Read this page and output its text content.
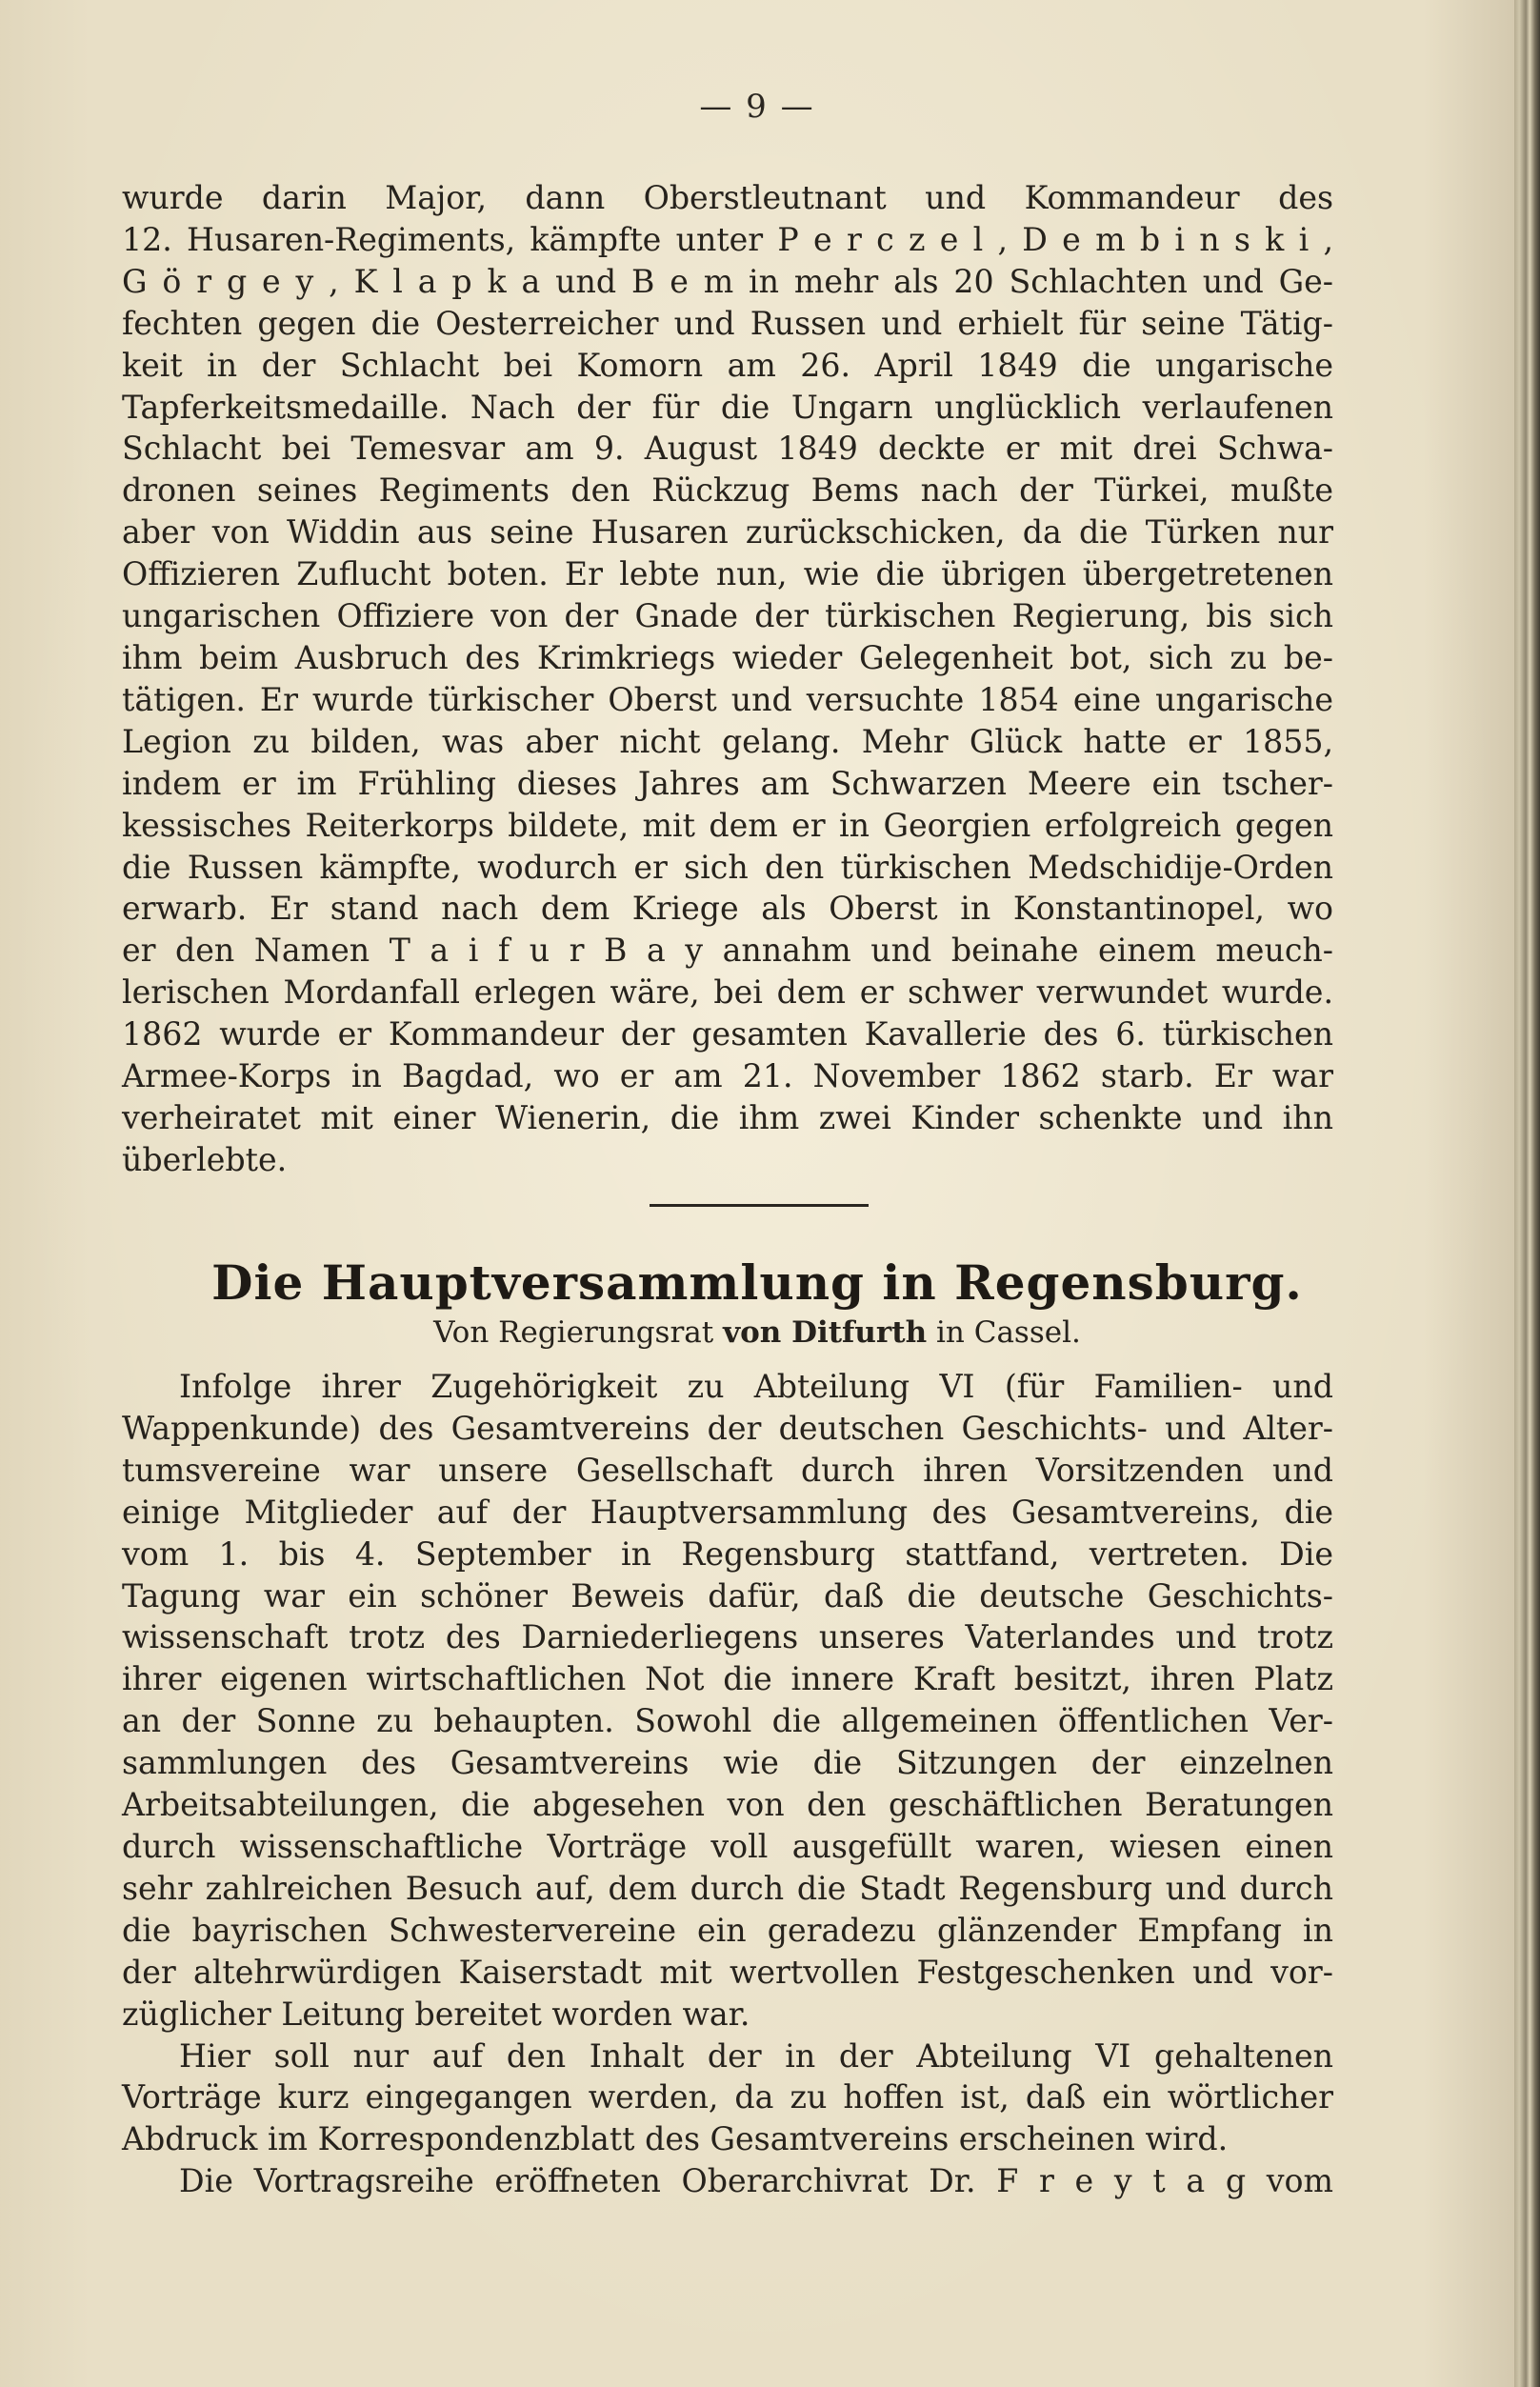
— 9 —
wurde darin Major, dann Oberstleutnant und Kommandeur des
12. Husaren-Regiments, kämpfte unter P e r c z e l , D e m b i n s k i ,
G ö r g e y , K l a p k a und B e m in mehr als 20 Schlachten und Ge-
fechten gegen die Oesterreicher und Russen und erhielt für seine Tätig-
keit in der Schlacht bei Komorn am 26. April 1849 die ungarische
Tapferkeitsmedaille. Nach der für die Ungarn unglücklich verlaufenen
Schlacht bei Temesvar am 9. August 1849 deckte er mit drei Schwa-
dronen seines Regiments den Rückzug Bems nach der Türkei, mußte
aber von Widdin aus seine Husaren zurückschicken, da die Türken nur
Offizieren Zuflucht boten. Er lebte nun, wie die übrigen übergetretenen
ungarischen Offiziere von der Gnade der türkischen Regierung, bis sich
ihm beim Ausbruch des Krimkriegs wieder Gelegenheit bot, sich zu be-
tätigen. Er wurde türkischer Oberst und versuchte 1854 eine ungarische
Legion zu bilden, was aber nicht gelang. Mehr Glück hatte er 1855,
indem er im Frühling dieses Jahres am Schwarzen Meere ein tscher-
kessisches Reiterkorps bildete, mit dem er in Georgien erfolgreich gegen
die Russen kämpfte, wodurch er sich den türkischen Medschidije-Orden
erwarb. Er stand nach dem Kriege als Oberst in Konstantinopel, wo
er den Namen T a i f u r B a y annahm und beinahe einem meuch-
lerischen Mordanfall erlegen wäre, bei dem er schwer verwundet wurde.
1862 wurde er Kommandeur der gesamten Kavallerie des 6. türkischen
Armee-Korps in Bagdad, wo er am 21. November 1862 starb. Er war
verheiratet mit einer Wienerin, die ihm zwei Kinder schenkte und ihn
überlebte.
Die Hauptversammlung in Regensburg.
Von Regierungsrat von Ditfurth in Cassel.
Infolge ihrer Zugehörigkeit zu Abteilung VI (für Familien- und
Wappenkunde) des Gesamtvereins der deutschen Geschichts- und Alter-
tumsvereine war unsere Gesellschaft durch ihren Vorsitzenden und
einige Mitglieder auf der Hauptversammlung des Gesamtvereins, die
vom 1. bis 4. September in Regensburg stattfand, vertreten. Die
Tagung war ein schöner Beweis dafür, daß die deutsche Geschichts-
wissenschaft trotz des Darniederliegens unseres Vaterlandes und trotz
ihrer eigenen wirtschaftlichen Not die innere Kraft besitzt, ihren Platz
an der Sonne zu behaupten. Sowohl die allgemeinen öffentlichen Ver-
sammlungen des Gesamtvereins wie die Sitzungen der einzelnen
Arbeitsabteilungen, die abgesehen von den geschäftlichen Beratungen
durch wissenschaftliche Vorträge voll ausgefüllt waren, wiesen einen
sehr zahlreichen Besuch auf, dem durch die Stadt Regensburg und durch
die bayrischen Schwestervereine ein geradezu glänzender Empfang in
der altehrwürdigen Kaiserstadt mit wertvollen Festgeschenken und vor-
züglicher Leitung bereitet worden war.
Hier soll nur auf den Inhalt der in der Abteilung VI gehaltenen
Vorträge kurz eingegangen werden, da zu hoffen ist, daß ein wörtlicher
Abdruck im Korrespondenzblatt des Gesamtvereins erscheinen wird.
Die Vortragsreihe eröffneten Oberarchivrat Dr. F r e y t a g vom
